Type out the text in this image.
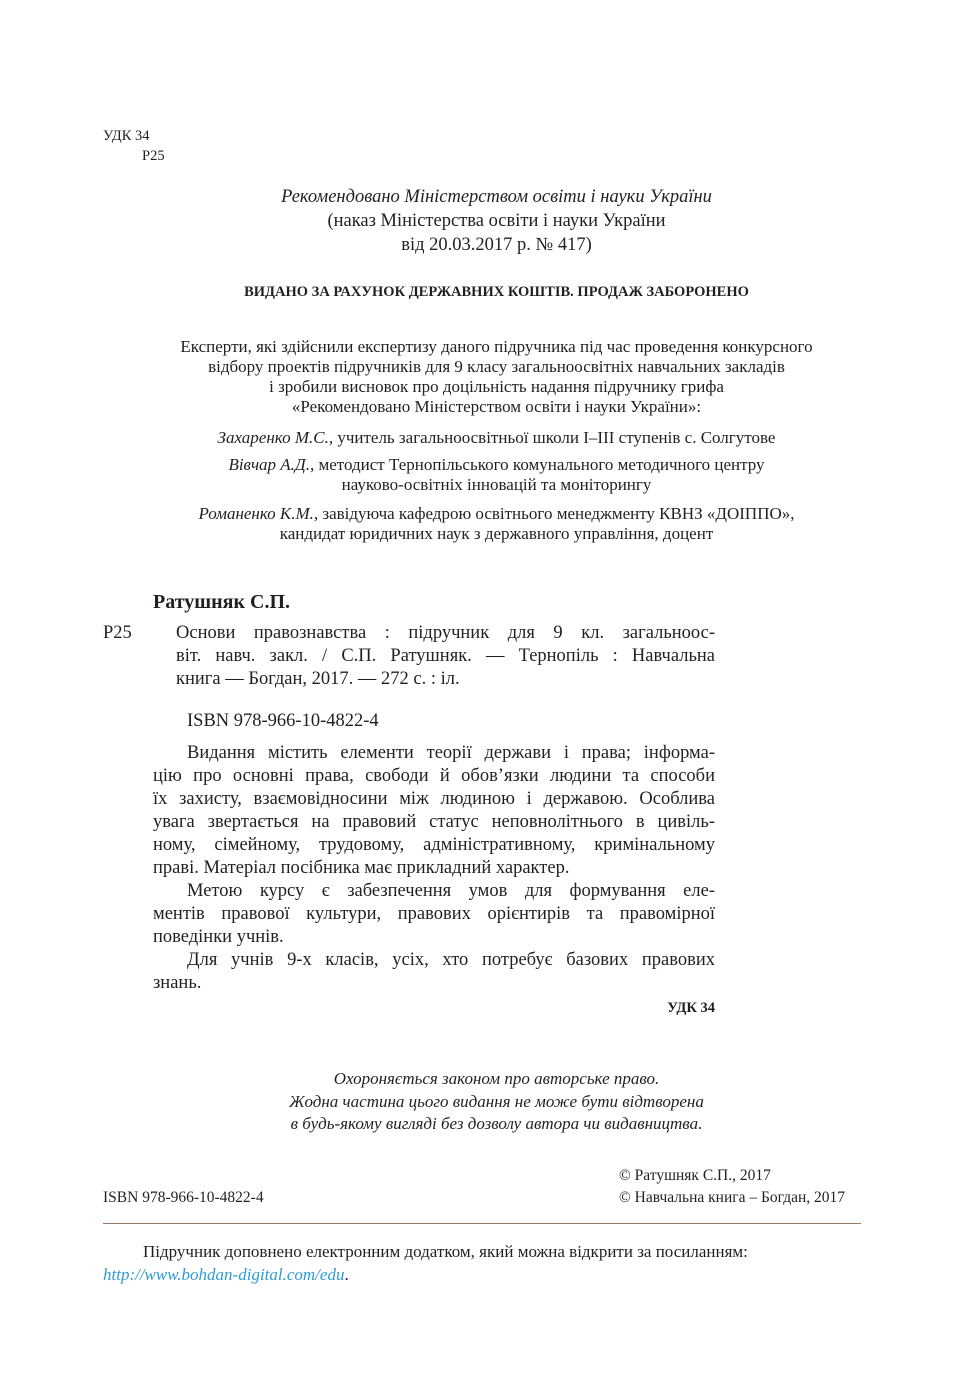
УДК 34
Р25
Рекомендовано Міністерством освіти і науки України
(наказ Міністерства освіти і науки України
від 20.03.2017 р. № 417)
ВИДАНО ЗА РАХУНОК ДЕРЖАВНИХ КОШТІВ. ПРОДАЖ ЗАБОРОНЕНО
Експерти, які здійснили експертизу даного підручника під час проведення конкурсного
відбору проектів підручників для 9 класу загальноосвітніх навчальних закладів
і зробили висновок про доцільність надання підручнику грифа
«Рекомендовано Міністерством освіти і науки України»:
Захаренко М.С., учитель загальноосвітньої школи І–ІІІ ступенів с. Солгутове
Вівчар А.Д., методист Тернопільського комунального методичного центру
науково-освітніх інновацій та моніторингу
Романенко К.М., завідуюча кафедрою освітнього менеджменту КВНЗ «ДОІППО»,
кандидат юридичних наук з державного управління, доцент
Ратушняк С.П.
Р25 Основи правознавства : підручник для 9 кл. загальноос-
віт. навч. закл. / С.П. Ратушняк. — Тернопіль : Навчальна
книга — Богдан, 2017. — 272 с. : іл.
ISBN 978-966-10-4822-4
Видання містить елементи теорії держави і права; інформа-
цію про основні права, свободи й обов’язки людини та способи
їх захисту, взаємовідносини між людиною і державою. Особлива
увага звертається на правовий статус неповнолітнього в цивіль-
ному, сімейному, трудовому, адміністративному, кримінальному
праві. Матеріал посібника має прикладний характер.
Метою курсу є забезпечення умов для формування еле-
ментів правової культури, правових орієнтирів та правомірної
поведінки учнів.
Для учнів 9-х класів, усіх, хто потребує базових правових
знань.
УДК 34
Охороняється законом про авторське право.
Жодна частина цього видання не може бути відтворена
в будь-якому вигляді без дозволу автора чи видавництва.
© Ратушняк С.П., 2017
ISBN 978-966-10-4822-4	© Навчальна книга – Богдан, 2017
Підручник доповнено електронним додатком, який можна відкрити за посиланням:
http://www.bohdan-digital.com/edu.
